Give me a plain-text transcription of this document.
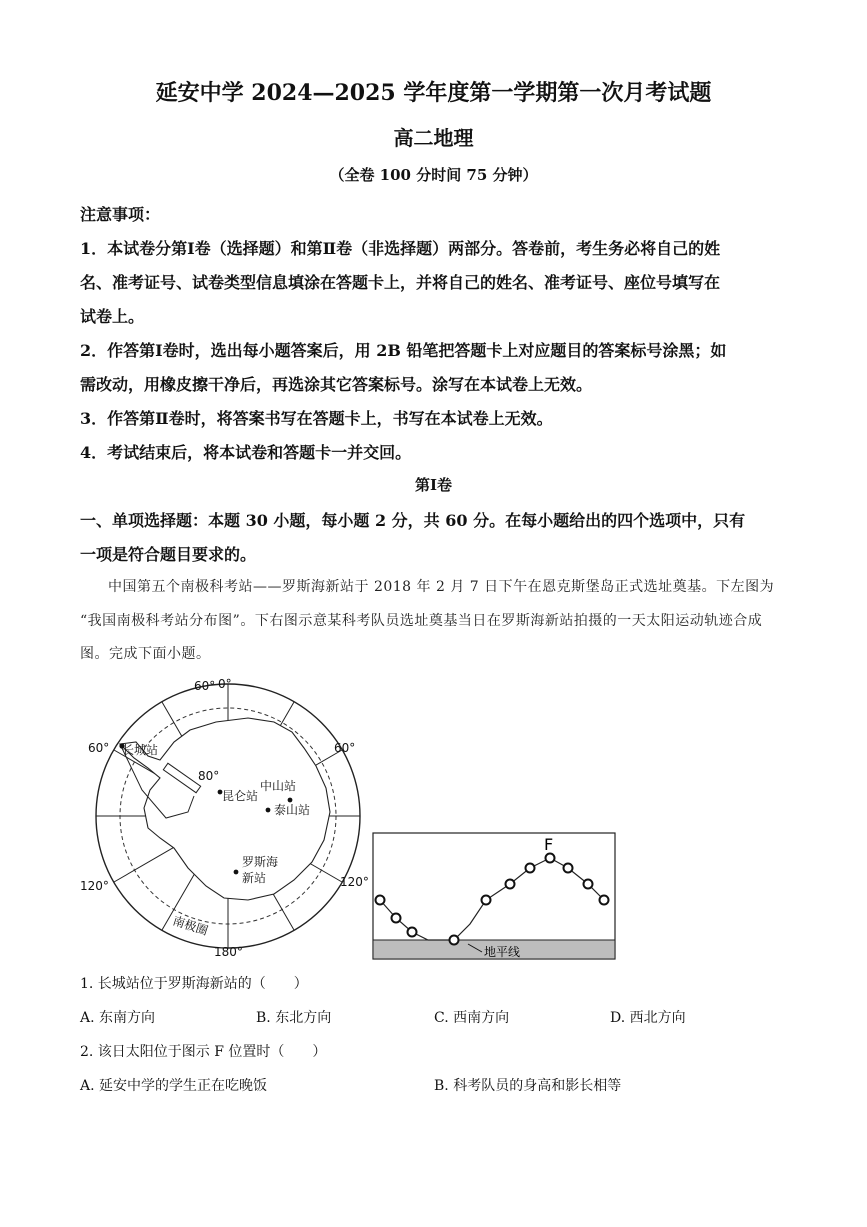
延安中学 2024—2025 学年度第一学期第一次月考试题
高二地理
（全卷 100 分时间 75 分钟）
注意事项：
1．本试卷分第Ⅰ卷（选择题）和第Ⅱ卷（非选择题）两部分。答卷前，考生务必将自己的姓
名、准考证号、试卷类型信息填涂在答题卡上，并将自己的姓名、准考证号、座位号填写在
试卷上。
2．作答第Ⅰ卷时，选出每小题答案后，用 2B 铅笔把答题卡上对应题目的答案标号涂黑；如
需改动，用橡皮擦干净后，再选涂其它答案标号。涂写在本试卷上无效。
3．作答第Ⅱ卷时，将答案书写在答题卡上，书写在本试卷上无效。
4．考试结束后，将本试卷和答题卡一并交回。
第Ⅰ卷
一、单项选择题：本题 30 小题，每小题 2 分，共 60 分。在每小题给出的四个选项中，只有
一项是符合题目要求的。
中国第五个南极科考站——罗斯海新站于 2018 年 2 月 7 日下午在恩克斯堡岛正式选址奠基。下左图为
“我国南极科考站分布图”。下右图示意某科考队员选址奠基当日在罗斯海新站拍摄的一天太阳运动轨迹合成
图。完成下面小题。
0°
60°
60°	60°
80°
120°	120°
180°
长城站
昆仑站
中山站
泰山站
罗斯海
新站
南极圈
F
地平线
1. 长城站位于罗斯海新站的（　　）
A. 东南方向	B. 东北方向	C. 西南方向	D. 西北方向
2. 该日太阳位于图示 F 位置时（　　）
A. 延安中学的学生正在吃晚饭	B. 科考队员的身高和影长相等
